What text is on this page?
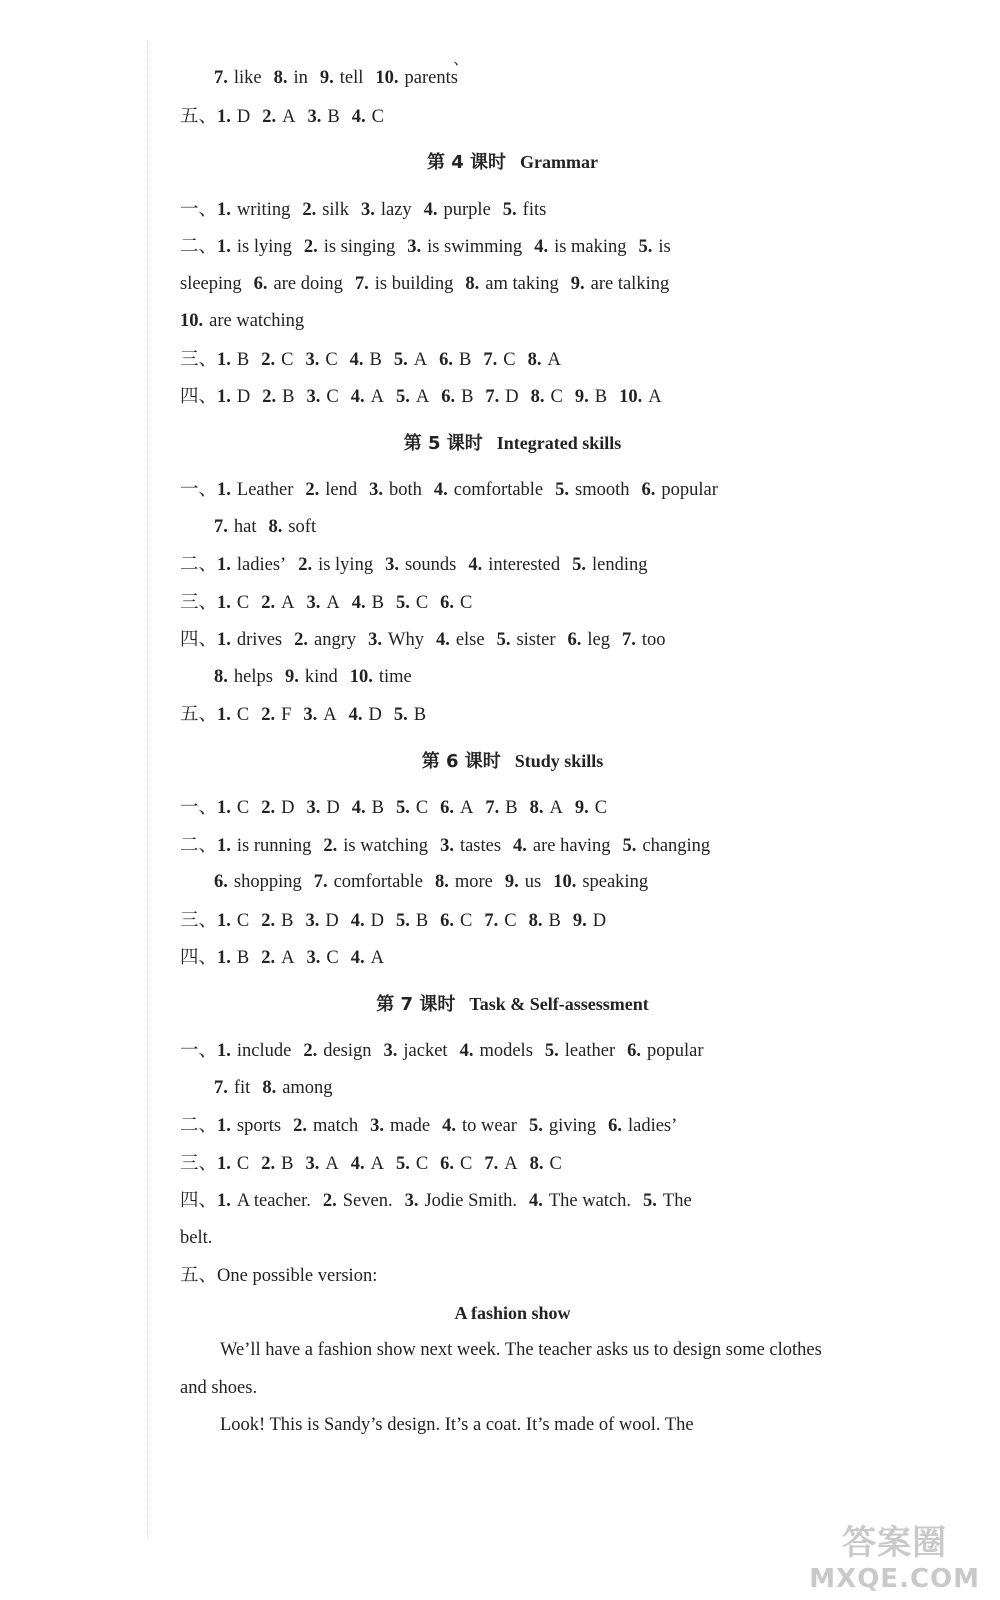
、
7. like 8. in 9. tell 10. parents
五、1. D 2. A 3. B 4. C
第 4 课时 Grammar
一、1. writing 2. silk 3. lazy 4. purple 5. fits
二、1. is lying 2. is singing 3. is swimming 4. is making 5. is
sleeping 6. are doing 7. is building 8. am taking 9. are talking
10. are watching
三、1. B 2. C 3. C 4. B 5. A 6. B 7. C 8. A
四、1. D 2. B 3. C 4. A 5. A 6. B 7. D 8. C 9. B 10. A
第 5 课时 Integrated skills
一、1. Leather 2. lend 3. both 4. comfortable 5. smooth 6. popular
7. hat 8. soft
二、1. ladies’ 2. is lying 3. sounds 4. interested 5. lending
三、1. C 2. A 3. A 4. B 5. C 6. C
四、1. drives 2. angry 3. Why 4. else 5. sister 6. leg 7. too
8. helps 9. kind 10. time
五、1. C 2. F 3. A 4. D 5. B
第 6 课时 Study skills
一、1. C 2. D 3. D 4. B 5. C 6. A 7. B 8. A 9. C
二、1. is running 2. is watching 3. tastes 4. are having 5. changing
6. shopping 7. comfortable 8. more 9. us 10. speaking
三、1. C 2. B 3. D 4. D 5. B 6. C 7. C 8. B 9. D
四、1. B 2. A 3. C 4. A
第 7 课时 Task & Self-assessment
一、1. include 2. design 3. jacket 4. models 5. leather 6. popular
7. fit 8. among
二、1. sports 2. match 3. made 4. to wear 5. giving 6. ladies’
三、1. C 2. B 3. A 4. A 5. C 6. C 7. A 8. C
四、1. A teacher. 2. Seven. 3. Jodie Smith. 4. The watch. 5. The
belt.
五、One possible version:
A fashion show
We’ll have a fashion show next week. The teacher asks us to design some clothes and shoes.
Look! This is Sandy’s design. It’s a coat. It’s made of wool. The
答案圈
MXQE.COM
